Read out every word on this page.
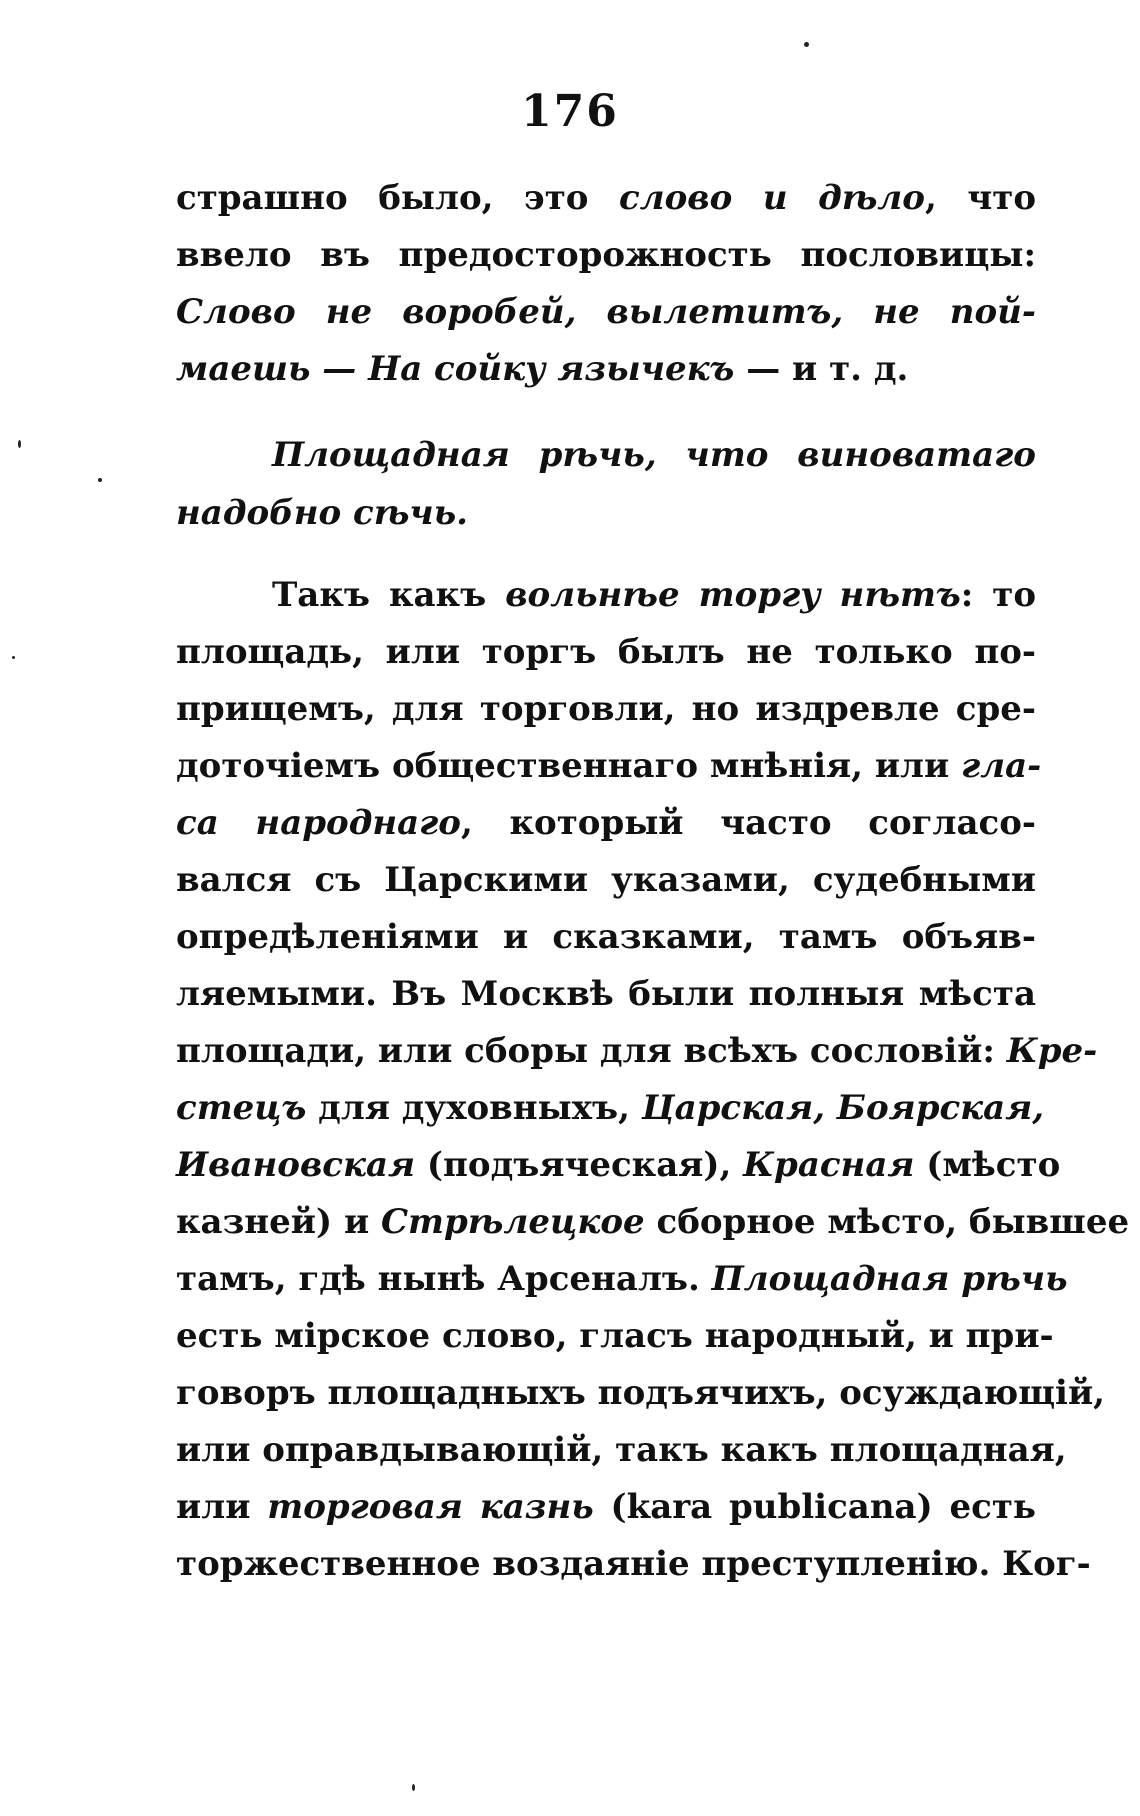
176
страшно было, это слово и дѣло, что
ввело въ предосторожность пословицы:
Слово не воробей, вылетитъ, не пой-
маешь — На сойку язычекъ — и т. д.
Площадная рѣчь, что виноватаго
надобно сѣчь.
Такъ какъ вольнѣе торгу нѣтъ: то
площадь, или торгъ былъ не только по-
прищемъ, для торговли, но издревле сре-
доточіемъ общественнаго мнѣнія, или гла-
са народнаго, который часто согласо-
вался съ Царскими указами, судебными
опредѣленіями и сказками, тамъ объяв-
ляемыми. Въ Москвѣ были полныя мѣста
площади, или сборы для всѣхъ сословій: Кре-
стецъ для духовныхъ, Царская, Боярская,
Ивановская (подъяческая), Красная (мѣсто
казней) и Стрѣлецкое сборное мѣсто, бывшее
тамъ, гдѣ нынѣ Арсеналъ. Площадная рѣчь
есть мірское слово, гласъ народный, и при-
говоръ площадныхъ подъячихъ, осуждающій,
или оправдывающій, такъ какъ площадная,
или торговая казнь (kara publicana) есть
торжественное воздаяніе преступленію. Ког-
